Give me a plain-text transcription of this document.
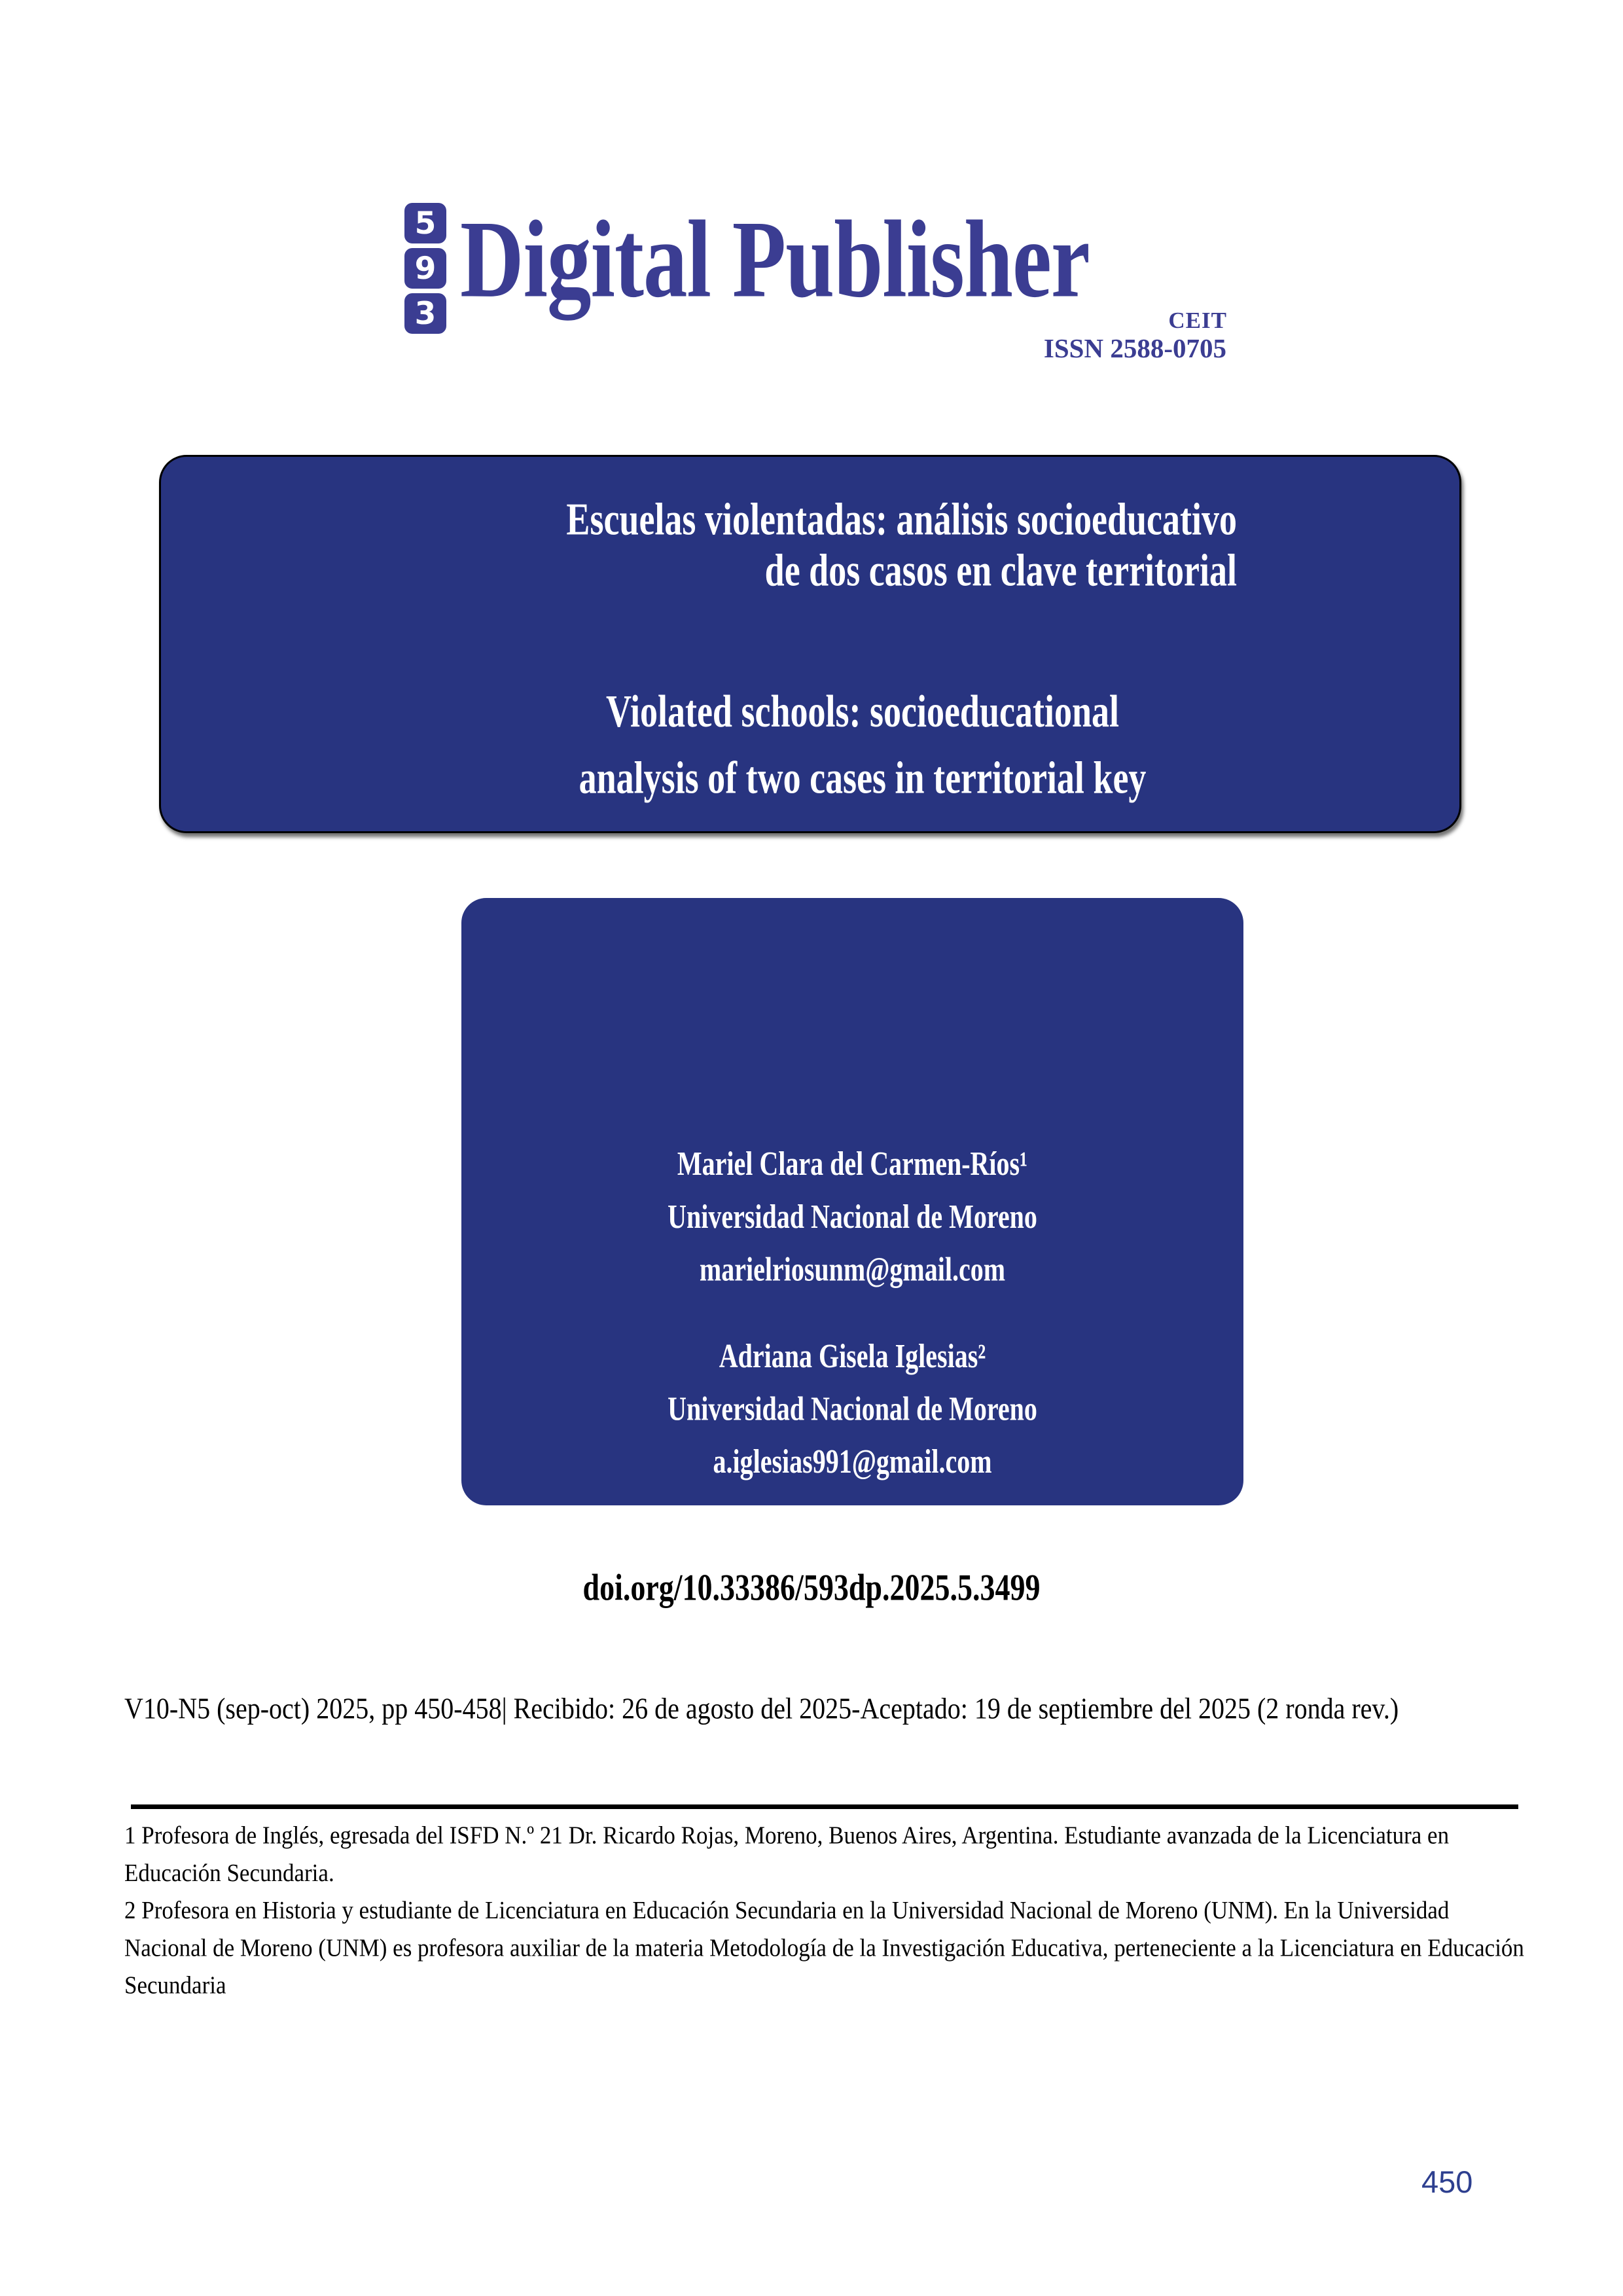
5
9
3 Digital Publisher	CEIT
ISSN 2588-0705
Escuelas violentadas: análisis socioeducativo
de dos casos en clave territorial
Violated schools: socioeducational
analysis of two cases in territorial key
Mariel Clara del Carmen-Ríos¹
Universidad Nacional de Moreno
marielriosunm@gmail.com
Adriana Gisela Iglesias²
Universidad Nacional de Moreno
a.iglesias991@gmail.com
doi.org/10.33386/593dp.2025.5.3499
V10-N5 (sep-oct) 2025, pp 450-458| Recibido: 26 de agosto del 2025-Aceptado: 19 de septiembre del 2025 (2 ronda rev.)

1 Profesora de Inglés, egresada del ISFD N.º 21 Dr. Ricardo Rojas, Moreno, Buenos Aires, Argentina. Estudiante avanzada de la Licenciatura en Educación Secundaria.

2 Profesora en Historia y estudiante de Licenciatura en Educación Secundaria en la Universidad Nacional de Moreno (UNM). En la Universidad Nacional de Moreno (UNM) es profesora auxiliar de la materia Metodología de la Investigación Educativa, perteneciente a la Licenciatura en Educación Secundaria

450
